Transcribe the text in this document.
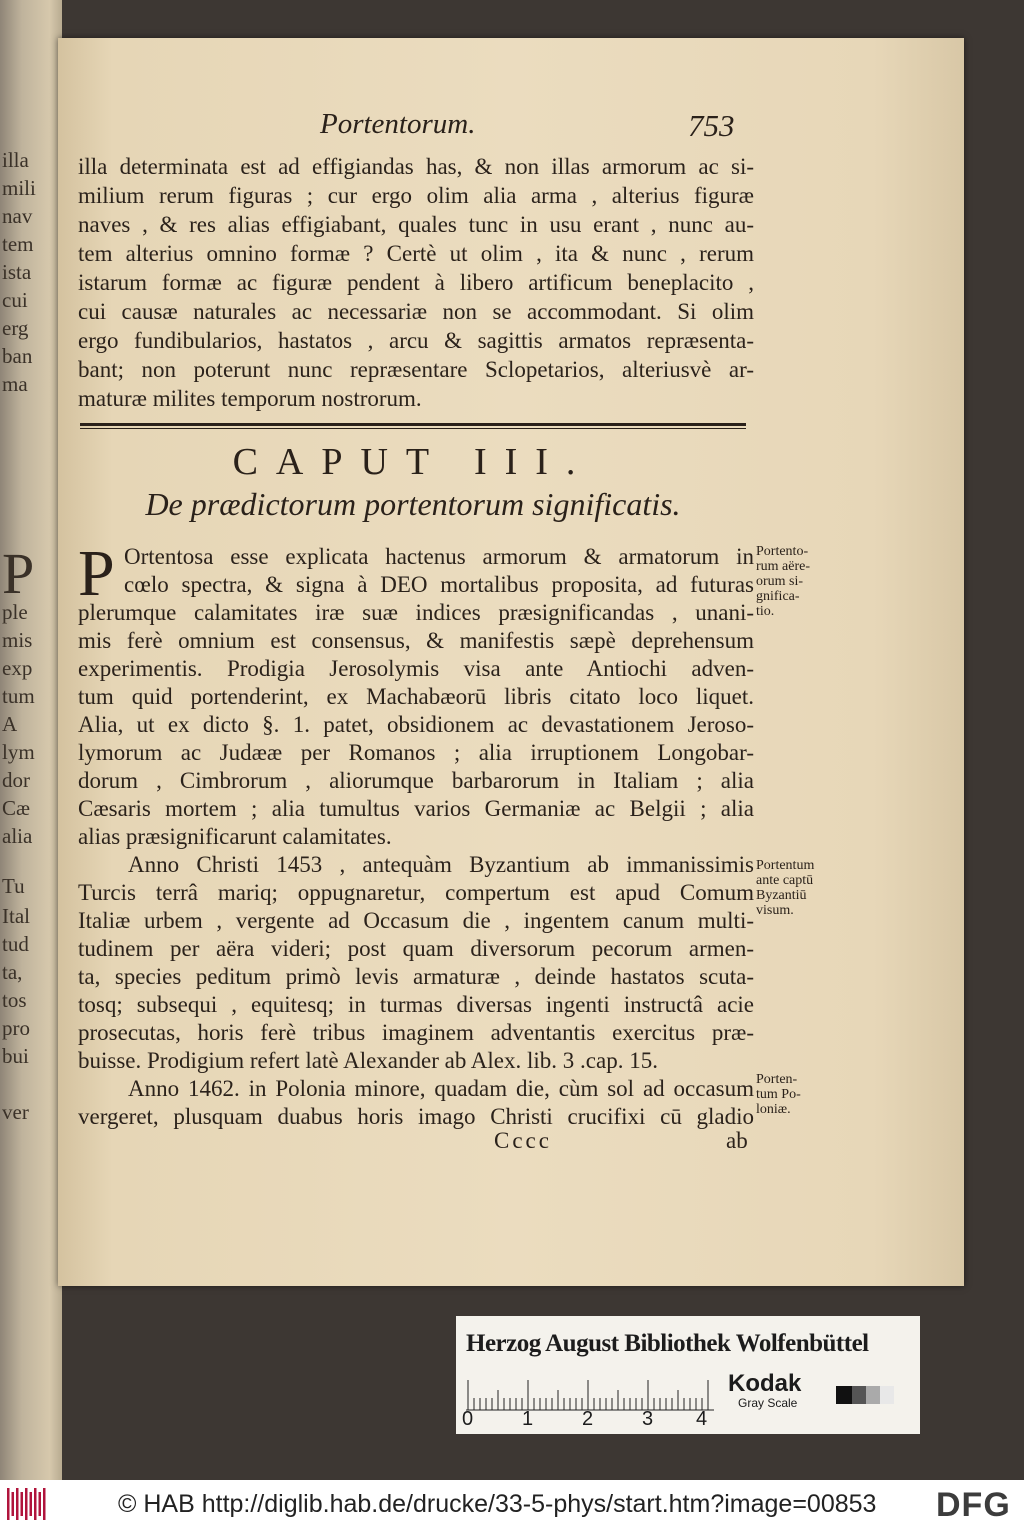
illa
mili
nav
tem
ista
cui
erg
ban
ma
P
ple
mis
exp
tum
A
lym
dor
Cæ
alia
Tu
Ital
tud
ta,
tos
pro
bui
ver
Portentorum.	753
illa determinata est ad effigiandas has, & non illas armorum ac si-
milium rerum figuras ; cur ergo olim alia arma , alterius figuræ
naves , & res alias effigiabant, quales tunc in usu erant , nunc au-
tem alterius omnino formæ ? Certè ut olim , ita & nunc , rerum
istarum formæ ac figuræ pendent à libero artificum beneplacito ,
cui causæ naturales ac necessariæ non se accommodant. Si olim
ergo fundibularios, hastatos , arcu & sagittis armatos repræsenta-
bant; non poterunt nunc repræsentare Sclopetarios, alteriusvè ar-
maturæ milites temporum nostrorum.
CAPUT III.
De prædictorum portentorum significatis.
P Ortentosa esse explicata hactenus armorum & armatorum in
cœlo spectra, & signa à DEO mortalibus proposita, ad futuras
plerumque calamitates iræ suæ indices præsignificandas , unani-
mis ferè omnium est consensus, & manifestis sæpè deprehensum
experimentis. Prodigia Jerosolymis visa ante Antiochi adven-
tum quid portenderint, ex Machabæorū libris citato loco liquet.
Alia, ut ex dicto §. 1. patet, obsidionem ac devastationem Jeroso-
lymorum ac Judææ per Romanos ; alia irruptionem Longobar-
dorum , Cimbrorum , aliorumque barbarorum in Italiam ; alia
Cæsaris mortem ; alia tumultus varios Germaniæ ac Belgii ; alia
alias præsignificarunt calamitates.
Anno Christi 1453 , antequàm Byzantium ab immanissimis
Turcis terrâ mariq; oppugnaretur, compertum est apud Comum
Italiæ urbem , vergente ad Occasum die , ingentem canum multi-
tudinem per aëra videri; post quam diversorum pecorum armen-
ta, species peditum primò levis armaturæ , deinde hastatos scuta-
tosq; subsequi , equitesq; in turmas diversas ingenti instructâ acie
prosecutas, horis ferè tribus imaginem adventantis exercitus præ-
buisse. Prodigium refert latè Alexander ab Alex. lib. 3 .cap. 15.
Anno 1462. in Polonia minore, quadam die, cùm sol ad occasum
vergeret, plusquam duabus horis imago Christi crucifixi cū gladio
Portento-
rum aëre-
orum si-
gnifica-
tio.
Portentum
ante captū
Byzantiū
visum.
Porten-
tum Po-
loniæ.
Cccc	ab
Herzog August Bibliothek Wolfenbüttel
0 1 2 3 4
Kodak
Gray Scale
© HAB http://diglib.hab.de/drucke/33-5-phys/start.htm?image=00853 DFG
